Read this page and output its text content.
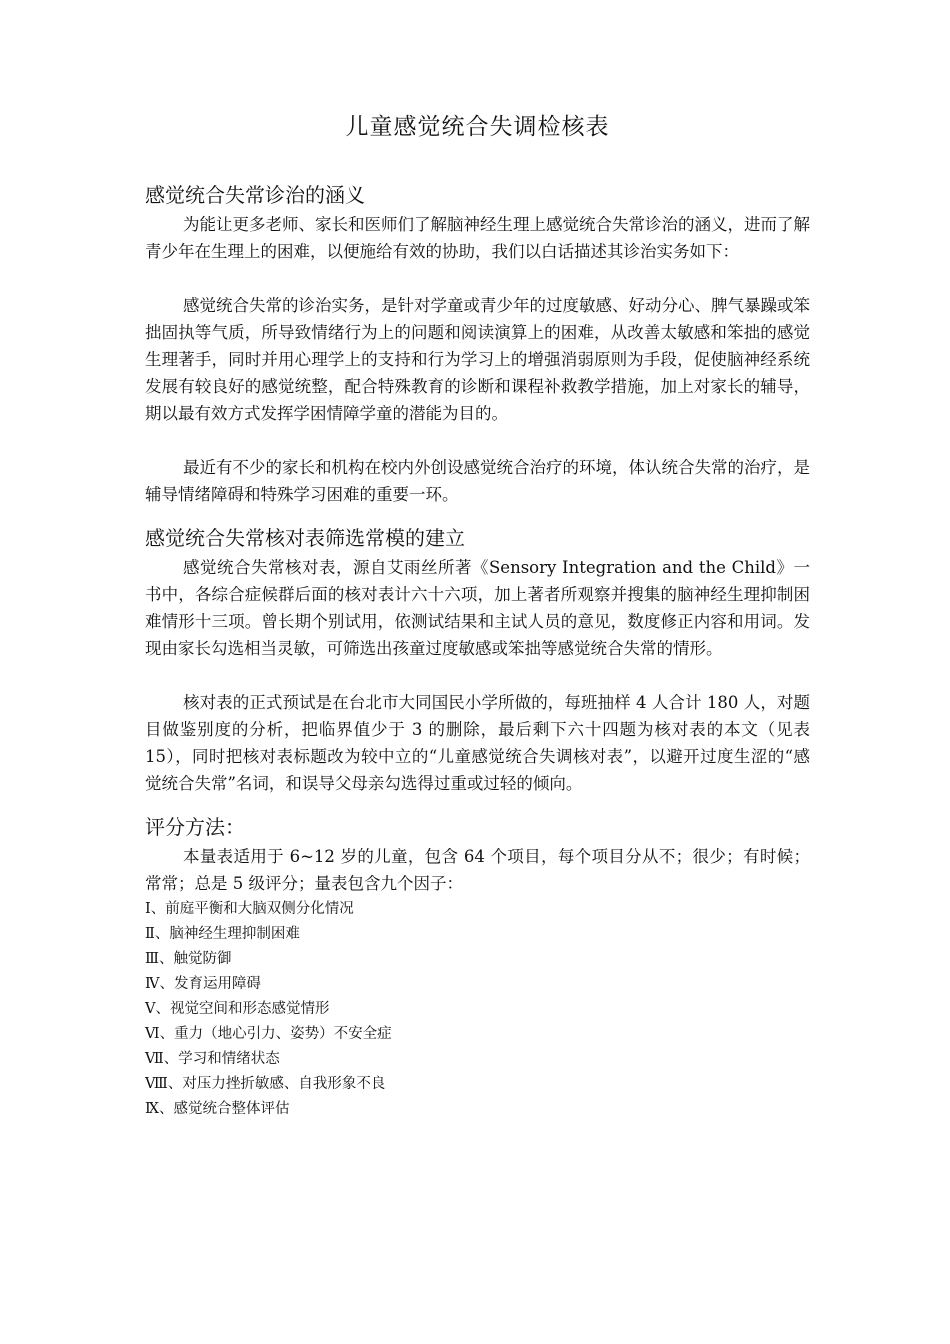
儿童感觉统合失调检核表
感觉统合失常诊治的涵义

为能让更多老师、家长和医师们了解脑神经生理上感觉统合失常诊治的涵义，进而了解青少年在生理上的困难，以便施给有效的协助，我们以白话描述其诊治实务如下：

感觉统合失常的诊治实务，是针对学童或青少年的过度敏感、好动分心、脾气暴躁或笨拙固执等气质，所导致情绪行为上的问题和阅读演算上的困难，从改善太敏感和笨拙的感觉生理著手，同时并用心理学上的支持和行为学习上的增强消弱原则为手段，促使脑神经系统发展有较良好的感觉统整，配合特殊教育的诊断和课程补救教学措施，加上对家长的辅导，期以最有效方式发挥学困情障学童的潜能为目的。

最近有不少的家长和机构在校内外创设感觉统合治疗的环境，体认统合失常的治疗，是辅导情绪障碍和特殊学习困难的重要一环。

感觉统合失常核对表筛选常模的建立

感觉统合失常核对表，源自艾雨丝所著《Sensory Integration and the Child》一书中，各综合症候群后面的核对表计六十六项，加上著者所观察并搜集的脑神经生理抑制困难情形十三项。曾长期个别试用，依测试结果和主试人员的意见，数度修正内容和用词。发现由家长勾选相当灵敏，可筛选出孩童过度敏感或笨拙等感觉统合失常的情形。

核对表的正式预试是在台北市大同国民小学所做的，每班抽样 4 人合计 180 人，对题目做鉴别度的分析，把临界值少于 3 的删除，最后剩下六十四题为核对表的本文（见表 15），同时把核对表标题改为较中立的“儿童感觉统合失调核对表”，以避开过度生涩的“感觉统合失常”名词，和误导父母亲勾选得过重或过轻的倾向。

评分方法：

本量表适用于 6~12 岁的儿童，包含 64 个项目，每个项目分从不；很少；有时候；常常；总是 5 级评分；量表包含九个因子：

Ⅰ、前庭平衡和大脑双侧分化情况

Ⅱ、脑神经生理抑制困难

Ⅲ、触觉防御

Ⅳ、发育运用障碍

Ⅴ、视觉空间和形态感觉情形

Ⅵ、重力（地心引力、姿势）不安全症

Ⅶ、学习和情绪状态

Ⅷ、对压力挫折敏感、自我形象不良

Ⅸ、感觉统合整体评估
